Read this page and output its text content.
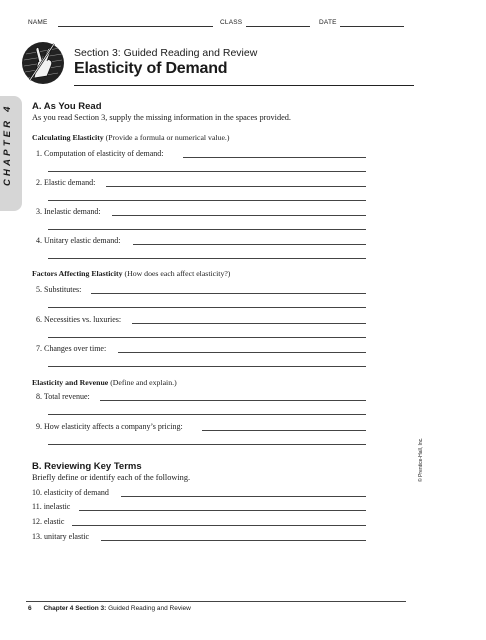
NAME	CLASS	DATE
Section 3: Guided Reading and Review
Elasticity of Demand
CHAPTER 4 A. As You Read
As you read Section 3, supply the missing information in the spaces provided.
Calculating Elasticity (Provide a formula or numerical value.)
1. Computation of elasticity of demand:
2. Elastic demand:
3. Inelastic demand:
4. Unitary elastic demand:
Factors Affecting Elasticity (How does each affect elasticity?)
5. Substitutes:
6. Necessities vs. luxuries:
7. Changes over time:
Elasticity and Revenue (Define and explain.)
8. Total revenue:
9. How elasticity affects a company’s pricing:
B. Reviewing Key Terms
Briefly define or identify each of the following.
10. elasticity of demand
11. inelastic
12. elastic
13. unitary elastic
© Prentice-Hall, Inc.
6 Chapter 4 Section 3: Guided Reading and Review
